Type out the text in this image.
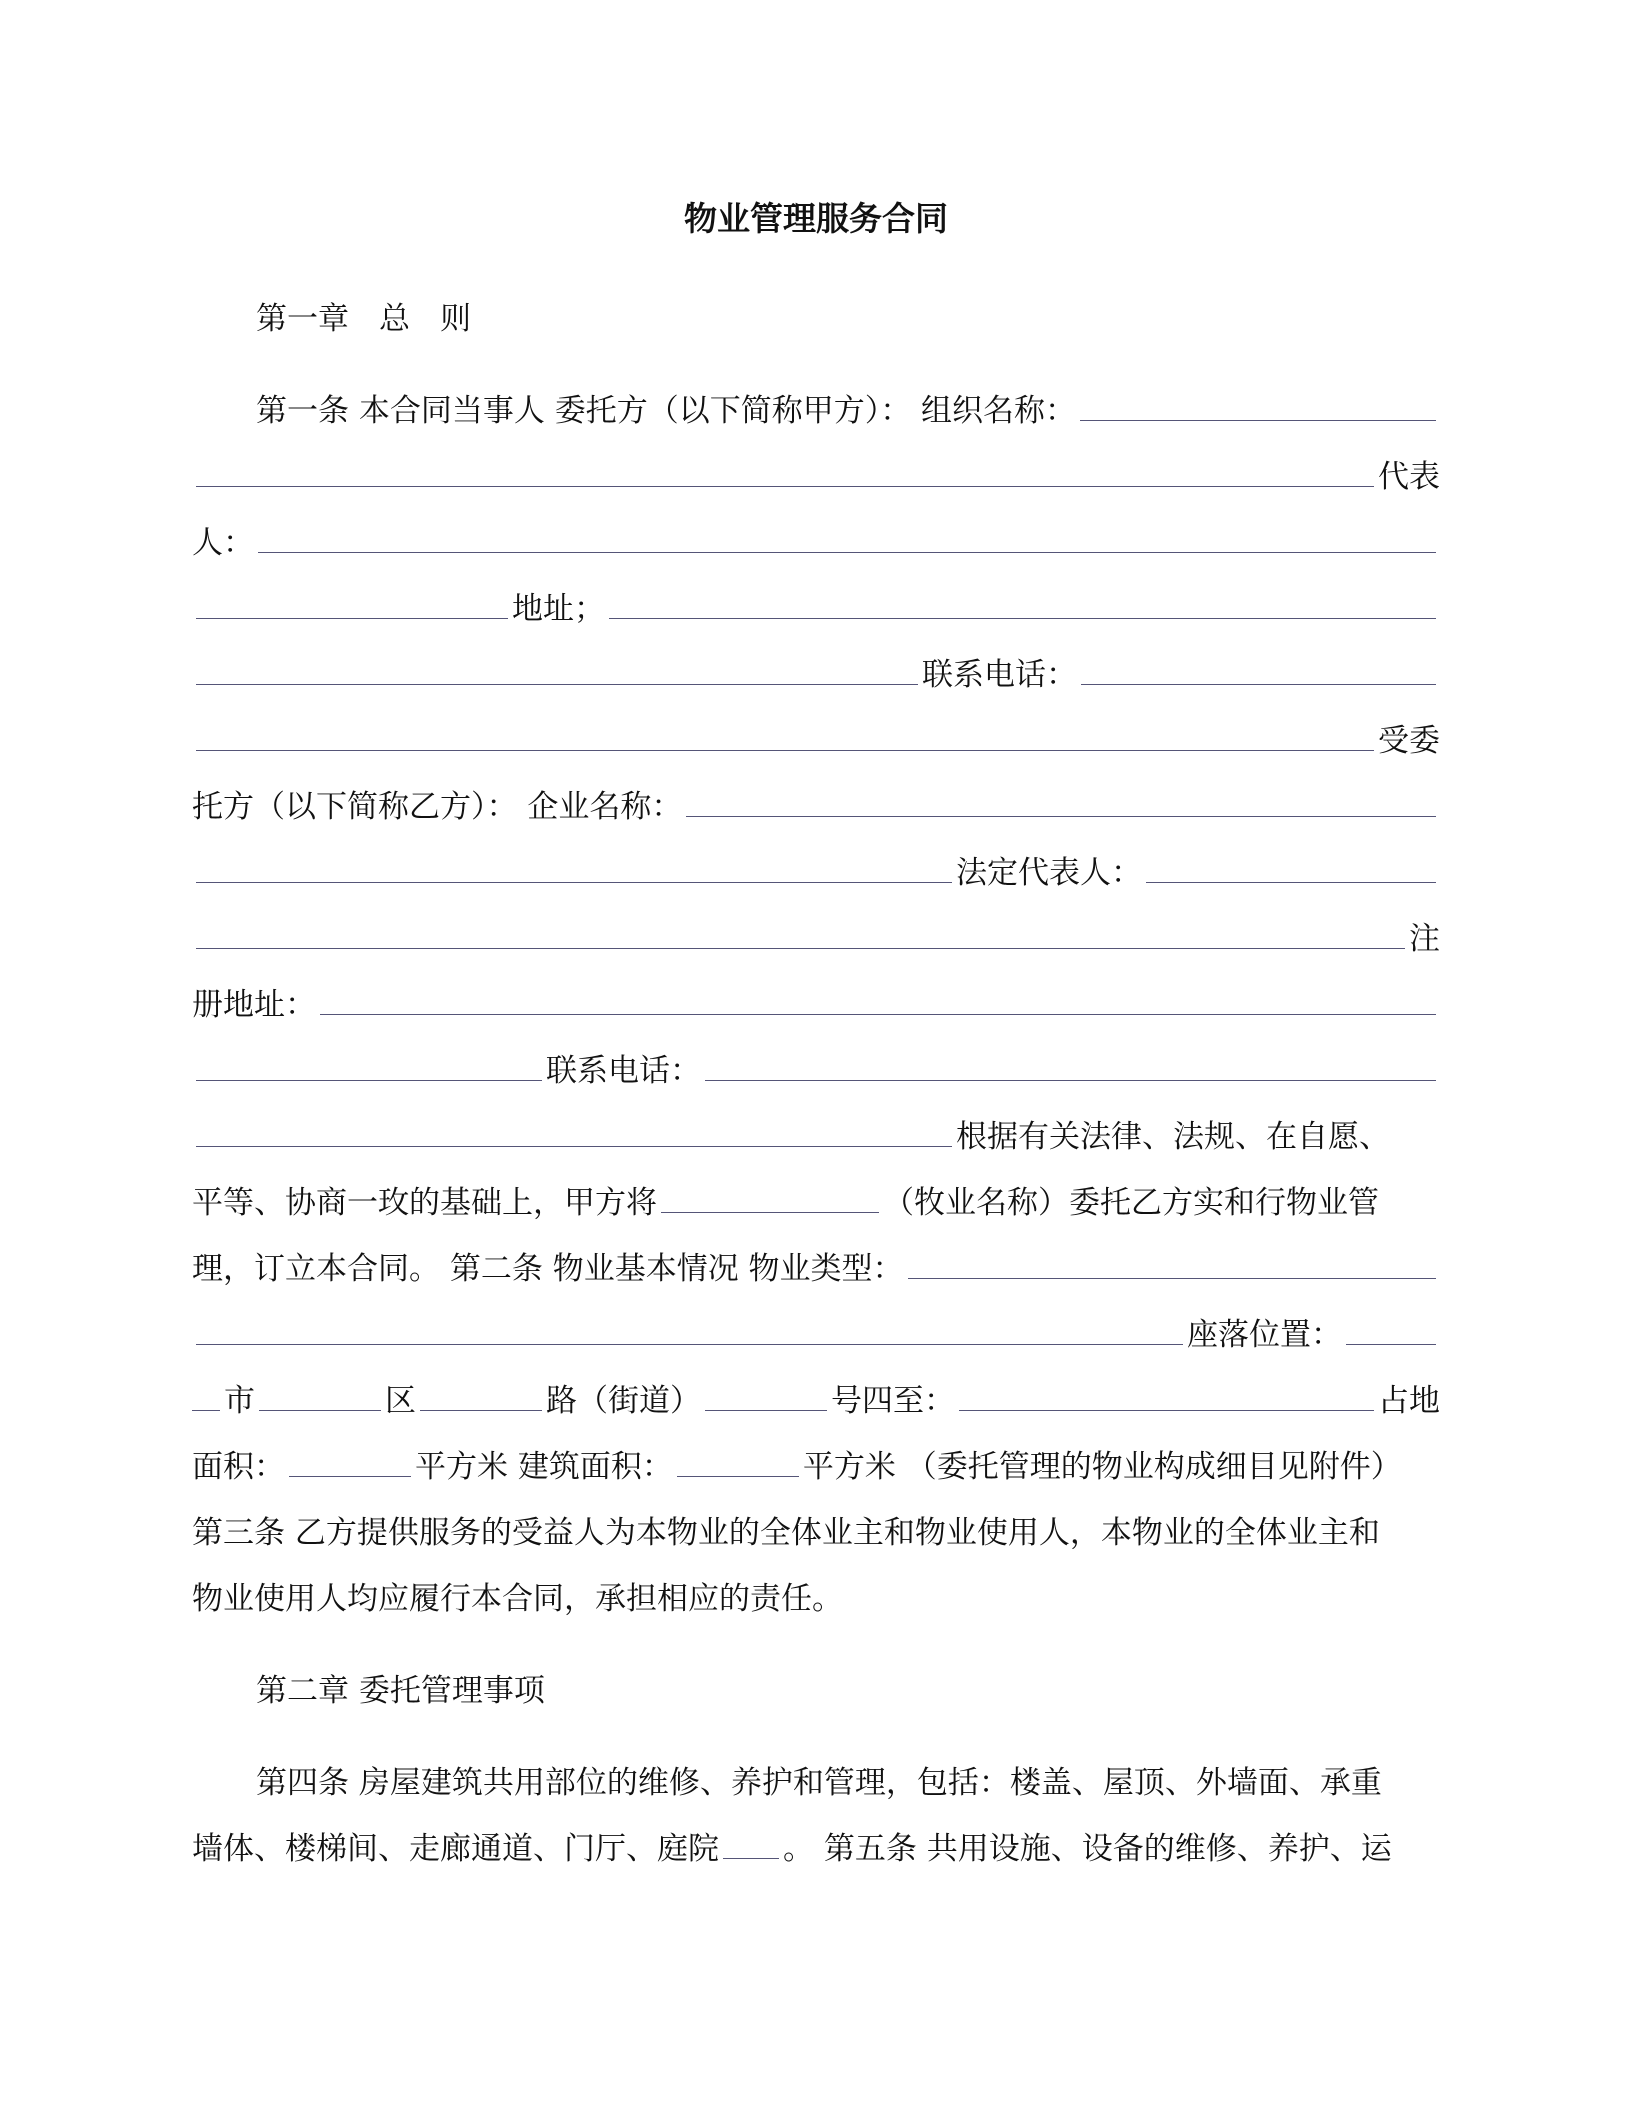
物业管理服务合同
第一章 总 则
第一条 本合同当事人 委托方（以下简称甲方）： 组织名称：
代表
人：
地址；
联系电话：
受委
托方（以下简称乙方）： 企业名称：
法定代表人：
注
册地址：
联系电话：
根据有关法律、法规、在自愿、
平等、协商一玫的基础上，甲方将	（牧业名称）委托乙方实和行物业管
理，订立本合同。 第二条 物业基本情况 物业类型：
座落位置：
市	区	路（街道）	号四至：	占地
面积：	平方米 建筑面积：	平方米 （委托管理的物业构成细目见附件）
第三条 乙方提供服务的受益人为本物业的全体业主和物业使用人，本物业的全体业主和
物业使用人均应履行本合同，承担相应的责任。
第二章 委托管理事项
第四条 房屋建筑共用部位的维修、养护和管理，包括：楼盖、屋顶、外墙面、承重
墙体、楼梯间、走廊通道、门厅、庭院 。 第五条 共用设施、设备的维修、养护、运
